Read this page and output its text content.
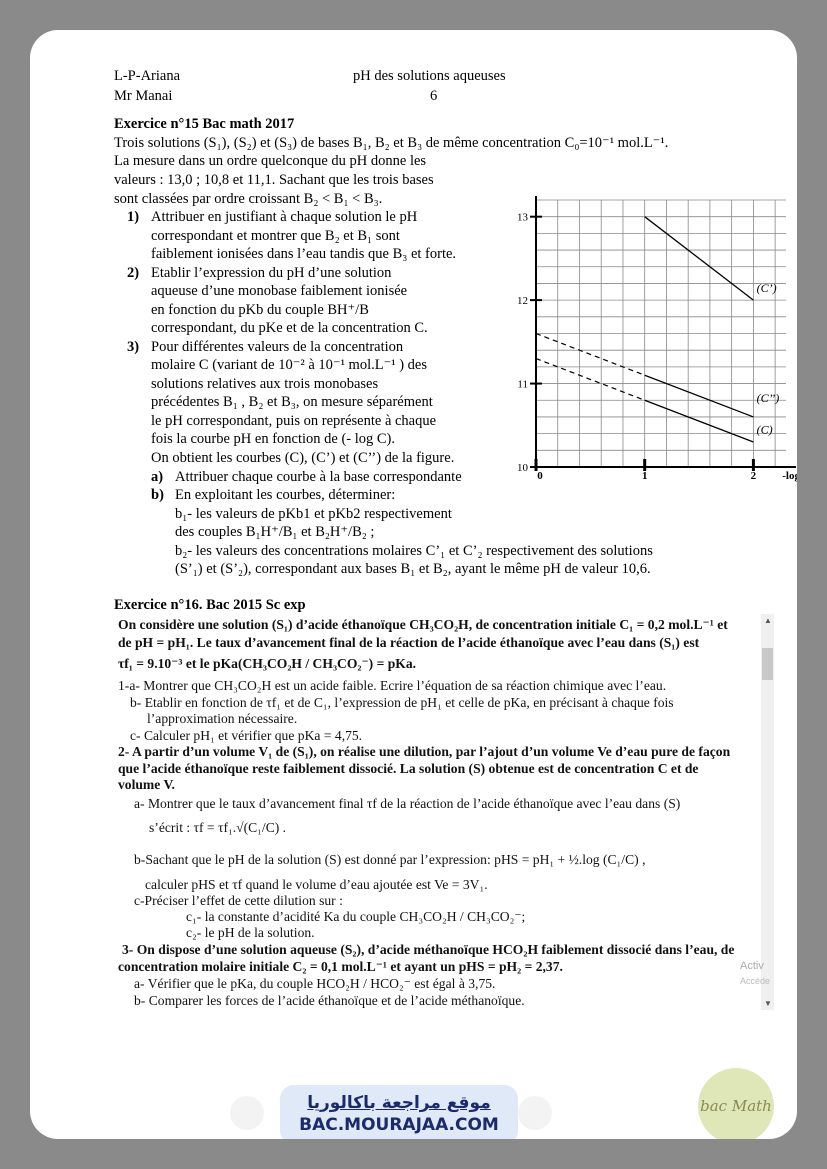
L-P-Ariana
Mr Manai
pH des solutions aqueuses
6
Exercice n°15 Bac math 2017
Trois solutions (S₁), (S₂) et (S₃) de bases B₁, B₂ et B₃ de même concentration C₀=10⁻¹ mol.L⁻¹.
La mesure dans un ordre quelconque du pH donne les
valeurs : 13,0 ; 10,8 et 11,1. Sachant que les trois bases
sont classées par ordre croissant B₂ < B₁ < B₃.
1) Attribuer en justifiant à chaque solution le pH
correspondant et montrer que B₂ et B₁ sont
faiblement ionisées dans l’eau tandis que B₃ et forte.
2) Etablir l’expression du pH d’une solution
aqueuse d’une monobase faiblement ionisée
en fonction du pKb du couple BH⁺/B
correspondant, du pKe et de la concentration C.
3) Pour différentes valeurs de la concentration
molaire C (variant de 10⁻² à 10⁻¹ mol.L⁻¹ ) des
solutions relatives aux trois monobases
précédentes B₁ , B₂ et B₃, on mesure séparément
le pH correspondant, puis on représente à chaque
fois la courbe pH en fonction de (- log C).
On obtient les courbes (C), (C’) et (C’’) de la figure.
a) Attribuer chaque courbe à la base correspondante
b) En exploitant les courbes, déterminer:
b₁- les valeurs de pKb1 et pKb2 respectivement
des couples B₁H⁺/B₁ et B₂H⁺/B₂ ;
b₂- les valeurs des concentrations molaires C’₁ et C’₂ respectivement des solutions
(S’₁) et (S’₂), correspondant aux bases B₁ et B₂, ayant le même pH de valeur 10,6.
10
11
12
13
0	1	2 -log
(C’)
(C’’)
(C)
Exercice n°16. Bac 2015 Sc exp
On considère une solution (S₁) d’acide éthanoïque CH₃CO₂H, de concentration initiale C₁ = 0,2 mol.L⁻¹ et
de pH = pH₁. Le taux d’avancement final de la réaction de l’acide éthanoïque avec l’eau dans (S₁) est
τf₁ = 9.10⁻³ et le pKa(CH₃CO₂H / CH₃CO₂⁻) = pKa.
1-a- Montrer que CH₃CO₂H est un acide faible. Ecrire l’équation de sa réaction chimique avec l’eau.
b- Etablir en fonction de τf₁ et de C₁, l’expression de pH₁ et celle de pKa, en précisant à chaque fois
l’approximation nécessaire.
c- Calculer pH₁ et vérifier que pKa = 4,75.
2- A partir d’un volume V₁ de (S₁), on réalise une dilution, par l’ajout d’un volume Ve d’eau pure de façon
que l’acide éthanoïque reste faiblement dissocié. La solution (S) obtenue est de concentration C et de
volume V.
a- Montrer que le taux d’avancement final τf de la réaction de l’acide éthanoïque avec l’eau dans (S)
s’écrit : τf = τf₁.√(C₁/C) .
b-Sachant que le pH de la solution (S) est donné par l’expression: pHS = pH₁ + ½.log (C₁/C) ,
calculer pHS et τf quand le volume d’eau ajoutée est Ve = 3V₁.
c-Préciser l’effet de cette dilution sur :
c₁- la constante d’acidité Ka du couple CH₃CO₂H / CH₃CO₂⁻;
c₂- le pH de la solution.
3- On dispose d’une solution aqueuse (S₂), d’acide méthanoïque HCO₂H faiblement dissocié dans l’eau, de
concentration molaire initiale C₂ = 0,1 mol.L⁻¹ et ayant un pHS = pH₂ = 2,37.
a- Vérifier que le pKa, du couple HCO₂H / HCO₂⁻ est égal à 3,75.
b- Comparer les forces de l’acide éthanoïque et de l’acide méthanoïque.
▲
▼
Activ
Accéde
موقع مراجعة باكالوريا
BAC.MOURAJAA.COM
bac Math
